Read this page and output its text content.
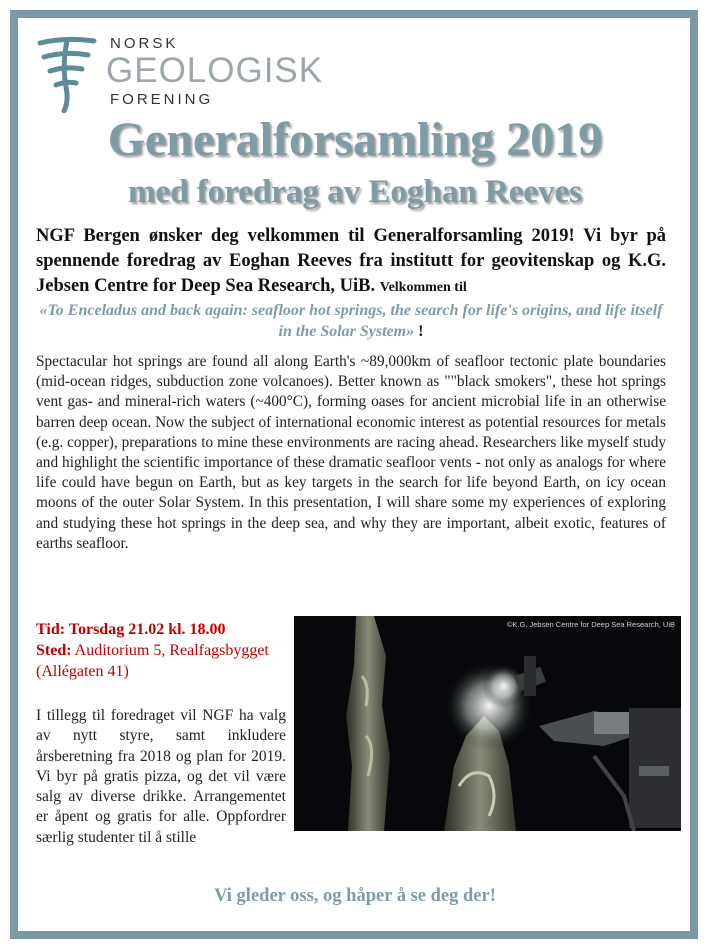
NORSK
GEOLOGISK
FORENING
Generalforsamling 2019
med foredrag av Eoghan Reeves
NGF Bergen ønsker deg velkommen til Generalforsamling 2019! Vi byr på spennende foredrag av Eoghan Reeves fra institutt for geovitenskap og K.G. Jebsen Centre for Deep Sea Research, UiB. Velkommen til
«To Enceladus and back again: seafloor hot springs, the search for life's origins, and life itself in the Solar System» !
Spectacular hot springs are found all along Earth's ~89,000km of seafloor tectonic plate boundaries (mid-ocean ridges, subduction zone volcanoes). Better known as ""black smokers", these hot springs vent gas- and mineral-rich waters (~400°C), forming oases for ancient microbial life in an otherwise barren deep ocean. Now the subject of international economic interest as potential resources for metals (e.g. copper), preparations to mine these environments are racing ahead. Researchers like myself study and highlight the scientific importance of these dramatic seafloor vents - not only as analogs for where life could have begun on Earth, but as key targets in the search for life beyond Earth, on icy ocean moons of the outer Solar System. In this presentation, I will share some my experiences of exploring and studying these hot springs in the deep sea, and why they are important, albeit exotic, features of earths seafloor.
Tid: Torsdag 21.02 kl. 18.00
Sted: Auditorium 5, Realfagsbygget (Allégaten 41)
I tillegg til foredraget vil NGF ha valg av nytt styre, samt inkludere årsberetning fra 2018 og plan for 2019. Vi byr på gratis pizza, og det vil være salg av diverse drikke. Arrangementet er åpent og gratis for alle. Oppfordrer særlig studenter til å stille
©K.G. Jebsen Centre for Deep Sea Research, UiB
Vi gleder oss, og håper å se deg der!
